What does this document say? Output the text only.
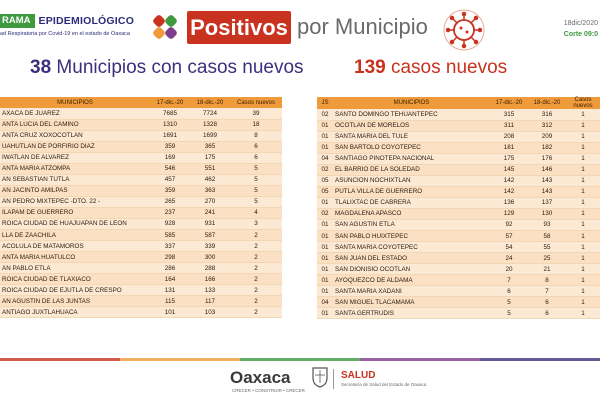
RAMA EPIDEMIOLÓGICO
ad Respiratoria por Covid-19 en el estado de Oaxaca	Positivos por Municipio	18dic/2020
Corte 09:0
38 Municipios con casos nuevos	139 casos nuevos
MUNICIPIOS	17-dic.-20	18-dic.-20	Casos nuevos
AXACA DE JUAREZ	7685	7724	39
ANTA LUCIA DEL CAMINO	1310	1328	18
ANTA CRUZ XOXOCOTLAN	1691	1699	8
UAHUTLAN DE PORFIRIO DIAZ	359	365	6
IWATLAN DE ALVAREZ	169	175	6
ANTA MARIA ATZOMPA	546	551	5
AN SEBASTIAN TUTLA	457	462	5
AN JACINTO AMILPAS	359	363	5
AN PEDRO MIXTEPEC -DTO. 22 -	265	270	5
ILAPAM DE GUERRERO	237	241	4
ROICA CIUDAD DE HUAJUAPAN DE LEON	928	931	3
LLA DE ZAACHILA	585	587	2
ACOLULA DE MATAMOROS	337	339	2
ANTA MARIA HUATULCO	298	300	2
AN PABLO ETLA	286	288	2
ROICA CIUDAD DE TLAXIACO	164	166	2
ROICA CIUDAD DE EJUTLA DE CRESPO	131	133	2
AN AGUSTIN DE LAS JUNTAS	115	117	2
ANTIAGO JUXTLAHUACA	101	103	2
JS	MUNICIPIOS	17-dic.-20	18-dic.-20	Casos nuevos
02	SANTO DOMINGO TEHUANTEPEC	315	316	1
01	OCOTLAN DE MORELOS	311	312	1
01	SANTA MARIA DEL TULE	208	209	1
01	SAN BARTOLO COYOTEPEC	181	182	1
04	SANTIAGO PINOTEPA NACIONAL	175	176	1
02	EL BARRIO DE LA SOLEDAD	145	146	1
05	ASUNCION NOCHIXTLAN	142	143	1
05	PUTLA VILLA DE GUERRERO	142	143	1
01	TLALIXTAC DE CABRERA	136	137	1
02	MAGDALENA APASCO	129	130	1
01	SAN AGUSTIN ETLA	92	93	1
01	SAN PABLO HUIXTEPEC	57	58	1
01	SANTA MARIA COYOTEPEC	54	55	1
01	SAN JUAN DEL ESTADO	24	25	1
01	SAN DIONISIO OCOTLAN	20	21	1
01	AYOQUEZCO DE ALDAMA	7	8	1
01	SANTA MARIA XADANI	6	7	1
04	SAN MIGUEL TLACAMAMA	5	6	1
01	SANTA GERTRUDIS	5	6	1
Oaxaca
CRECER • CONSTRUIR • CRECER
SALUD
Secretaría de Salud del Estado de Oaxaca
